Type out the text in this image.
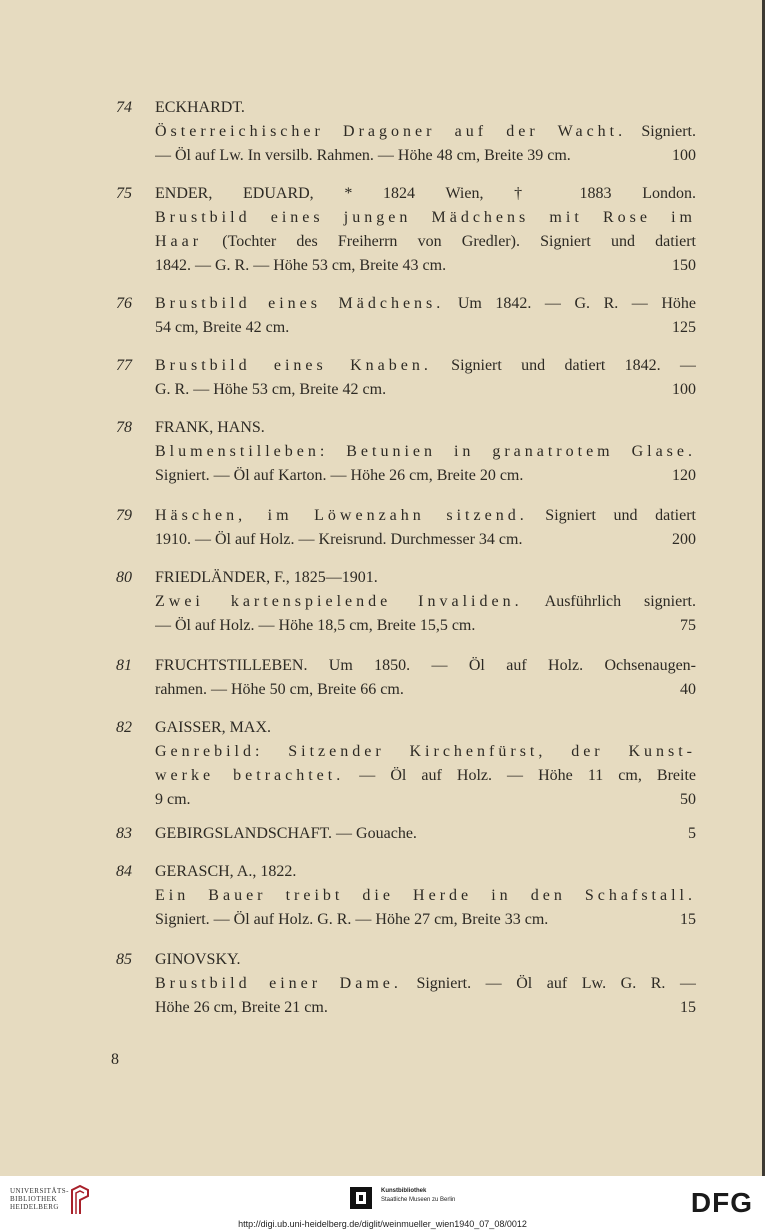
74 ECKHARDT.
Österreichischer Dragoner auf der Wacht. Signiert.
— Öl auf Lw. In versilb. Rahmen. — Höhe 48 cm, Breite 39 cm.	100
75 ENDER, EDUARD, * 1824 Wien, † 1883 London.
Brustbild eines jungen Mädchens mit Rose im
Haar (Tochter des Freiherrn von Gredler). Signiert und datiert
1842. — G. R. — Höhe 53 cm, Breite 43 cm.	150
76 Brustbild eines Mädchens. Um 1842. — G. R. — Höhe
54 cm, Breite 42 cm.	125
77 Brustbild eines Knaben. Signiert und datiert 1842. —
G. R. — Höhe 53 cm, Breite 42 cm.	100
78 FRANK, HANS.
Blumenstilleben: Betunien in granatrotem Glase.
Signiert. — Öl auf Karton. — Höhe 26 cm, Breite 20 cm.	120
79 Häschen, im Löwenzahn sitzend. Signiert und datiert
1910. — Öl auf Holz. — Kreisrund. Durchmesser 34 cm.	200
80 FRIEDLÄNDER, F., 1825—1901.
Zwei kartenspielende Invaliden. Ausführlich signiert.
— Öl auf Holz. — Höhe 18,5 cm, Breite 15,5 cm.	75
81 FRUCHTSTILLEBEN. Um 1850. — Öl auf Holz. Ochsenaugen-
rahmen. — Höhe 50 cm, Breite 66 cm.	40
82 GAISSER, MAX.
Genrebild: Sitzender Kirchenfürst, der Kunst-
werke betrachtet. — Öl auf Holz. — Höhe 11 cm, Breite
9 cm.	50
83 GEBIRGSLANDSCHAFT. — Gouache.	5
84 GERASCH, A., 1822.
Ein Bauer treibt die Herde in den Schafstall.
Signiert. — Öl auf Holz. G. R. — Höhe 27 cm, Breite 33 cm.	15
85 GINOVSKY.
Brustbild einer Dame. Signiert. — Öl auf Lw. G. R. —
Höhe 26 cm, Breite 21 cm.	15
8
UNIVERSITÄTS-
BIBLIOTHEK
HEIDELBERG
Kunstbibliothek
Staatliche Museen zu Berlin	DFG
http://digi.ub.uni-heidelberg.de/diglit/weinmueller_wien1940_07_08/0012
